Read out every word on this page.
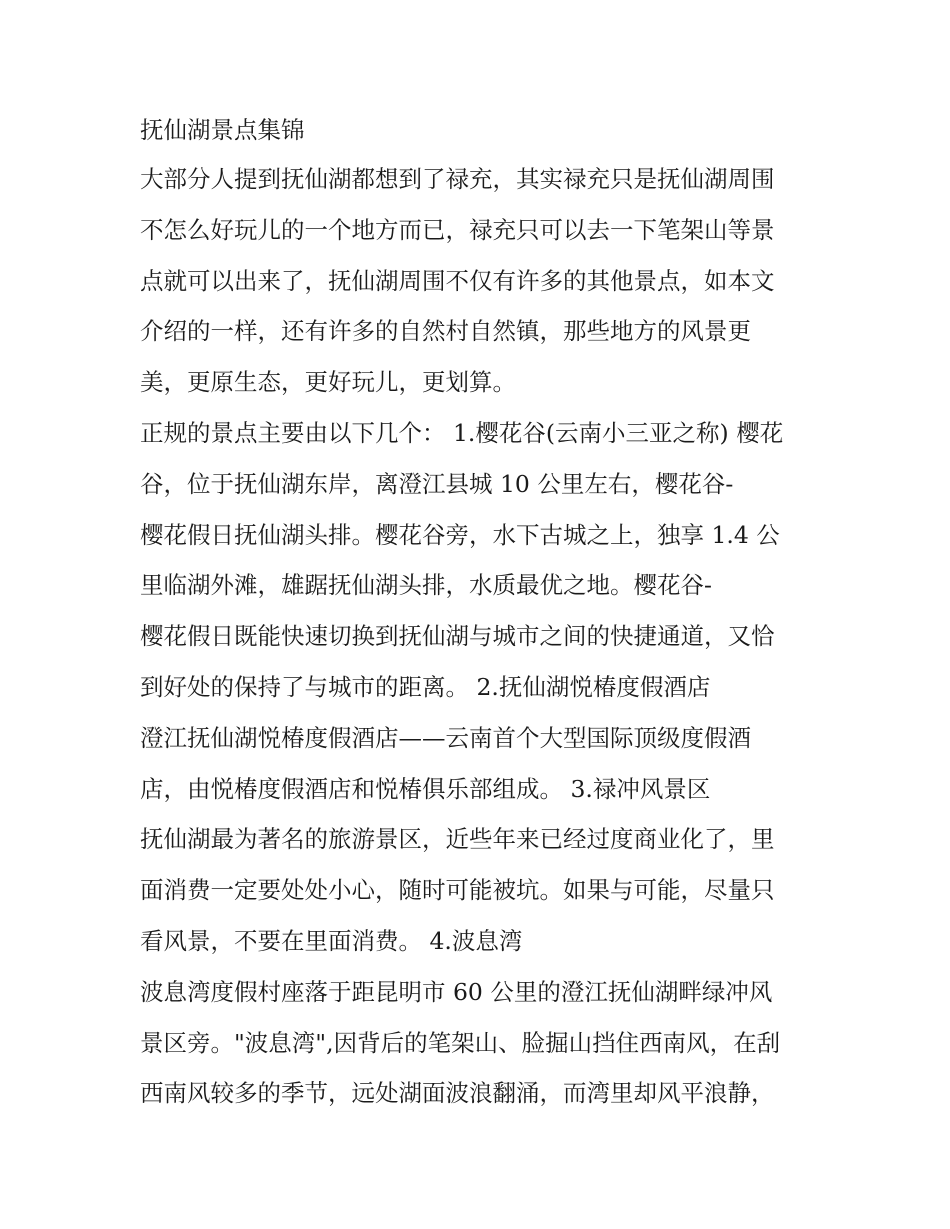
抚仙湖景点集锦
大部分人提到抚仙湖都想到了禄充，其实禄充只是抚仙湖周围
不怎么好玩儿的一个地方而已，禄充只可以去一下笔架山等景
点就可以出来了，抚仙湖周围不仅有许多的其他景点，如本文
介绍的一样，还有许多的自然村自然镇，那些地方的风景更
美，更原生态，更好玩儿，更划算。
正规的景点主要由以下几个： 1.樱花谷(云南小三亚之称) 樱花
谷，位于抚仙湖东岸，离澄江县城 10 公里左右，樱花谷-
樱花假日抚仙湖头排。樱花谷旁，水下古城之上，独享 1.4 公
里临湖外滩，雄踞抚仙湖头排，水质最优之地。樱花谷-
樱花假日既能快速切换到抚仙湖与城市之间的快捷通道，又恰
到好处的保持了与城市的距离。 2.抚仙湖悦椿度假酒店
澄江抚仙湖悦椿度假酒店——云南首个大型国际顶级度假酒
店，由悦椿度假酒店和悦椿俱乐部组成。 3.禄冲风景区
抚仙湖最为著名的旅游景区，近些年来已经过度商业化了，里
面消费一定要处处小心，随时可能被坑。如果与可能，尽量只
看风景，不要在里面消费。 4.波息湾
波息湾度假村座落于距昆明市 60 公里的澄江抚仙湖畔绿冲风
景区旁。"波息湾",因背后的笔架山、脸掘山挡住西南风，在刮
西南风较多的季节，远处湖面波浪翻涌，而湾里却风平浪静，
